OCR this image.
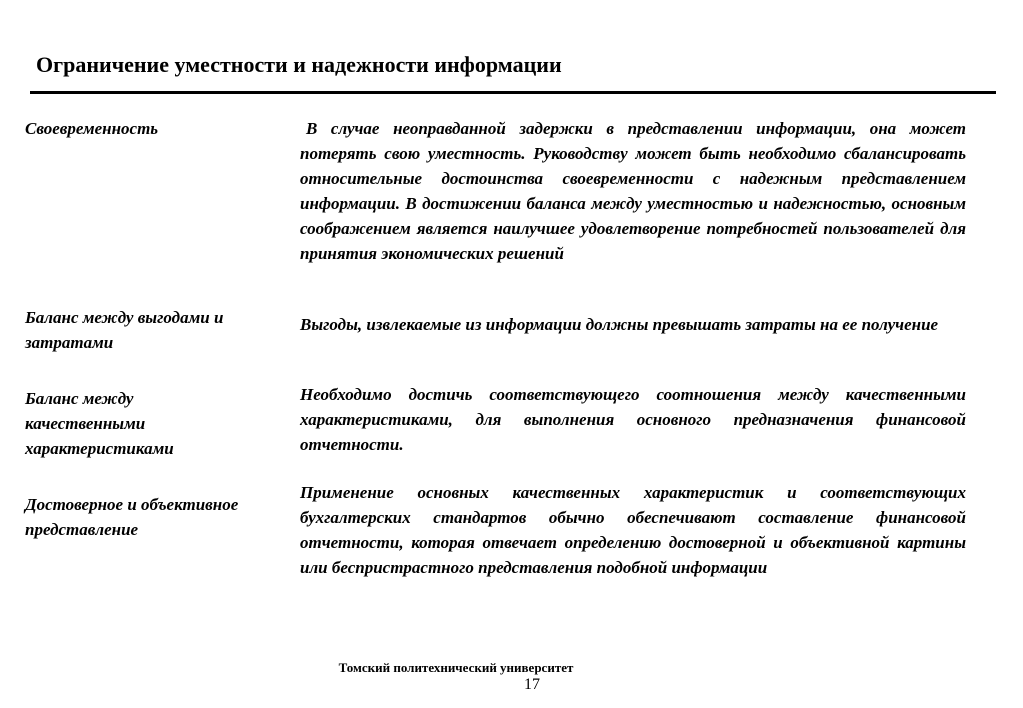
Ограничение уместности и надежности информации
Своевременность	В случае неоправданной задержки в представлении информации, она может потерять свою уместность. Руководству может быть необходимо сбалансировать относительные достоинства своевременности с надежным представлением информации. В достижении баланса между уместностью и надежностью, основным соображением является наилучшее удовлетворение потребностей пользователей для принятия экономических решений
Баланс между выгодами и затратами
Выгоды, извлекаемые из информации должны превышать затраты на ее получение
Баланс между качественными характеристиками
Необходимо достичь соответствующего соотношения между качественными характеристиками, для выполнения основного предназначения финансовой отчетности.
Достоверное и объективное представление
Применение основных качественных характеристик и соответствующих бухгалтерских стандартов обычно обеспечивают составление финансовой отчетности, которая отвечает определению достоверной и объективной картины или беспристрастного представления подобной информации
Томский политехнический университет
17
